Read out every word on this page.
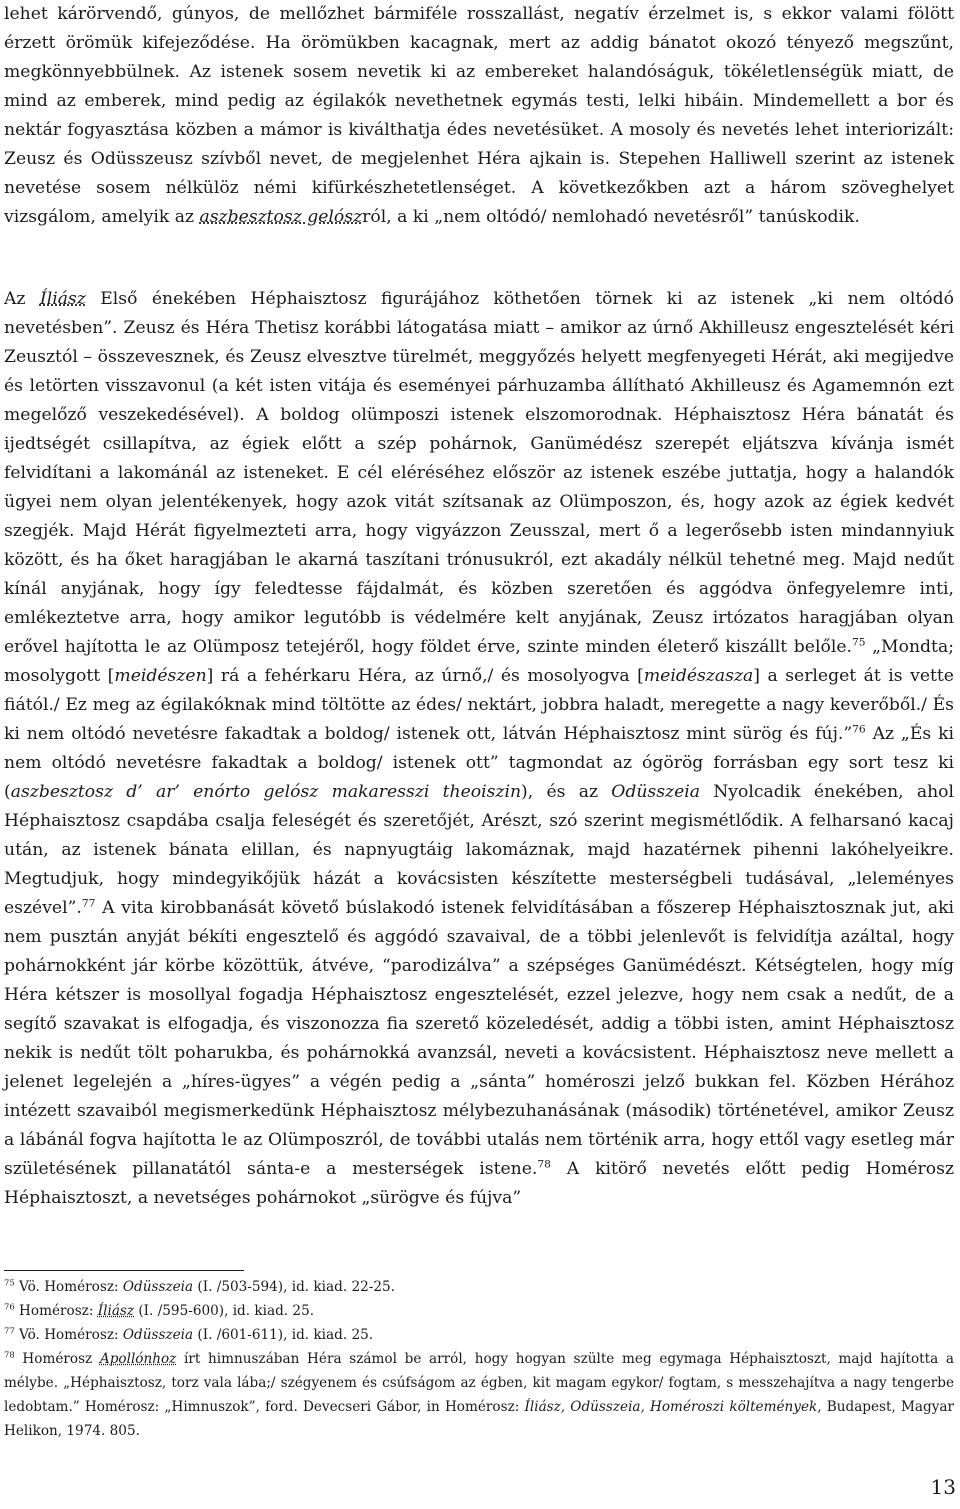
lehet kárörvendő, gúnyos, de mellőzhet bármiféle rosszallást, negatív érzelmet is, s ekkor valami fölött érzett örömük kifejeződése. Ha örömükben kacagnak, mert az addig bánatot okozó tényező megszűnt, megkönnyebbülnek. Az istenek sosem nevetik ki az embereket halandóságuk, tökéletlenségük miatt, de mind az emberek, mind pedig az égilakók nevethetnek egymás testi, lelki hibáin. Mindemellett a bor és nektár fogyasztása közben a mámor is kiválthatja édes nevetésüket. A mosoly és nevetés lehet interiorizált: Zeusz és Odüsszeusz szívből nevet, de megjelenhet Héra ajkain is. Stepehen Halliwell szerint az istenek nevetése sosem nélkülöz némi kifürkészhetetlenséget. A következőkben azt a három szöveghelyet vizsgálom, amelyik az aszbesztosz gelószról, a ki „nem oltódó/ nemlohadó nevetésről” tanúskodik.

Az Íliász Első énekében Héphaisztosz figurájához köthetően törnek ki az istenek „ki nem oltódó nevetésben”. Zeusz és Héra Thetisz korábbi látogatása miatt – amikor az úrnő Akhilleusz engesztelését kéri Zeusztól – összevesznek, és Zeusz elvesztve türelmét, meggyőzés helyett megfenyegeti Hérát, aki megijedve és letörten visszavonul (a két isten vitája és eseményei párhuzamba állítható Akhilleusz és Agamemnón ezt megelőző veszekedésével). A boldog olümposzi istenek elszomorodnak. Héphaisztosz Héra bánatát és ijedtségét csillapítva, az égiek előtt a szép pohárnok, Ganümédész szerepét eljátszva kívánja ismét felvidítani a lakománál az isteneket. E cél eléréséhez először az istenek eszébe juttatja, hogy a halandók ügyei nem olyan jelentékenyek, hogy azok vitát szítsanak az Olümposzon, és, hogy azok az égiek kedvét szegjék. Majd Hérát figyelmezteti arra, hogy vigyázzon Zeusszal, mert ő a legerősebb isten mindannyiuk között, és ha őket haragjában le akarná taszítani trónusukról, ezt akadály nélkül tehetné meg. Majd nedűt kínál anyjának, hogy így feledtesse fájdalmát, és közben szeretően és aggódva önfegyelemre inti, emlékeztetve arra, hogy amikor legutóbb is védelmére kelt anyjának, Zeusz irtózatos haragjában olyan erővel hajította le az Olümposz tetejéről, hogy földet érve, szinte minden életerő kiszállt belőle.$^{75}$ „Mondta; mosolygott [meidészen] rá a fehérkaru Héra, az úrnő,/ és mosolyogva [meidészasza] a serleget át is vette fiától./ Ez meg az égilakóknak mind töltötte az édes/ nektárt, jobbra haladt, meregette a nagy keverőből./ És ki nem oltódó nevetésre fakadtak a boldog/ istenek ott, látván Héphaisztosz mint sürög és fúj.”$^{76}$ Az „És ki nem oltódó nevetésre fakadtak a boldog/ istenek ott” tagmondat az ógörög forrásban egy sort tesz ki (aszbesztosz d’ ar’ enórto gelósz makaresszi theoiszin), és az Odüsszeia Nyolcadik énekében, ahol Héphaisztosz csapdába csalja feleségét és szeretőjét, Arészt, szó szerint megismétlődik. A felharsanó kacaj után, az istenek bánata elillan, és napnyugtáig lakomáznak, majd hazatérnek pihenni lakóhelyeikre. Megtudjuk, hogy mindegyikőjük házát a kovácsisten készítette mesterségbeli tudásával, „leleményes eszével”.$^{77}$ A vita kirobbanását követő búslakodó istenek felvidításában a főszerep Héphaisztosznak jut, aki nem pusztán anyját békíti engesztelő és aggódó szavaival, de a többi jelenlevőt is felvidítja azáltal, hogy pohárnokként jár körbe közöttük, átvéve, “parodizálva” a szépséges Ganümédészt. Kétségtelen, hogy míg Héra kétszer is mosollyal fogadja Héphaisztosz engesztelését, ezzel jelezve, hogy nem csak a nedűt, de a segítő szavakat is elfogadja, és viszonozza fia szerető közeledését, addig a többi isten, amint Héphaisztosz nekik is nedűt tölt poharukba, és pohárnokká avanzsál, neveti a kovácsistent. Héphaisztosz neve mellett a jelenet legelején a „híres-ügyes” a végén pedig a „sánta” homéroszi jelző bukkan fel. Közben Hérához intézett szavaiból megismerkedünk Héphaisztosz mélybezuhanásának (második) történetével, amikor Zeusz a lábánál fogva hajította le az Olümposzról, de további utalás nem történik arra, hogy ettől vagy esetleg már születésének pillanatától sánta-e a mesterségek istene.$^{78}$ A kitörő nevetés előtt pedig Homérosz Héphaisztoszt, a nevetséges pohárnokot „sürögve és fújva”

$^{75}$ Vö. Homérosz: Odüsszeia (I. /503-594), id. kiad. 22-25.

$^{76}$ Homérosz: Íliász (I. /595-600), id. kiad. 25.

$^{77}$ Vö. Homérosz: Odüsszeia (I. /601-611), id. kiad. 25.

$^{78}$ Homérosz Apollónhoz írt himnuszában Héra számol be arról, hogy hogyan szülte meg egymaga Héphaisztoszt, majd hajította a mélybe. „Héphaisztosz, torz vala lába;/ szégyenem és csúfságom az égben, kit magam egykor/ fogtam, s messzehajítva a nagy tengerbe ledobtam.” Homérosz: „Himnuszok”, ford. Devecseri Gábor, in Homérosz: Íliász, Odüsszeia, Homéroszi költemények, Budapest, Magyar Helikon, 1974. 805.

13
